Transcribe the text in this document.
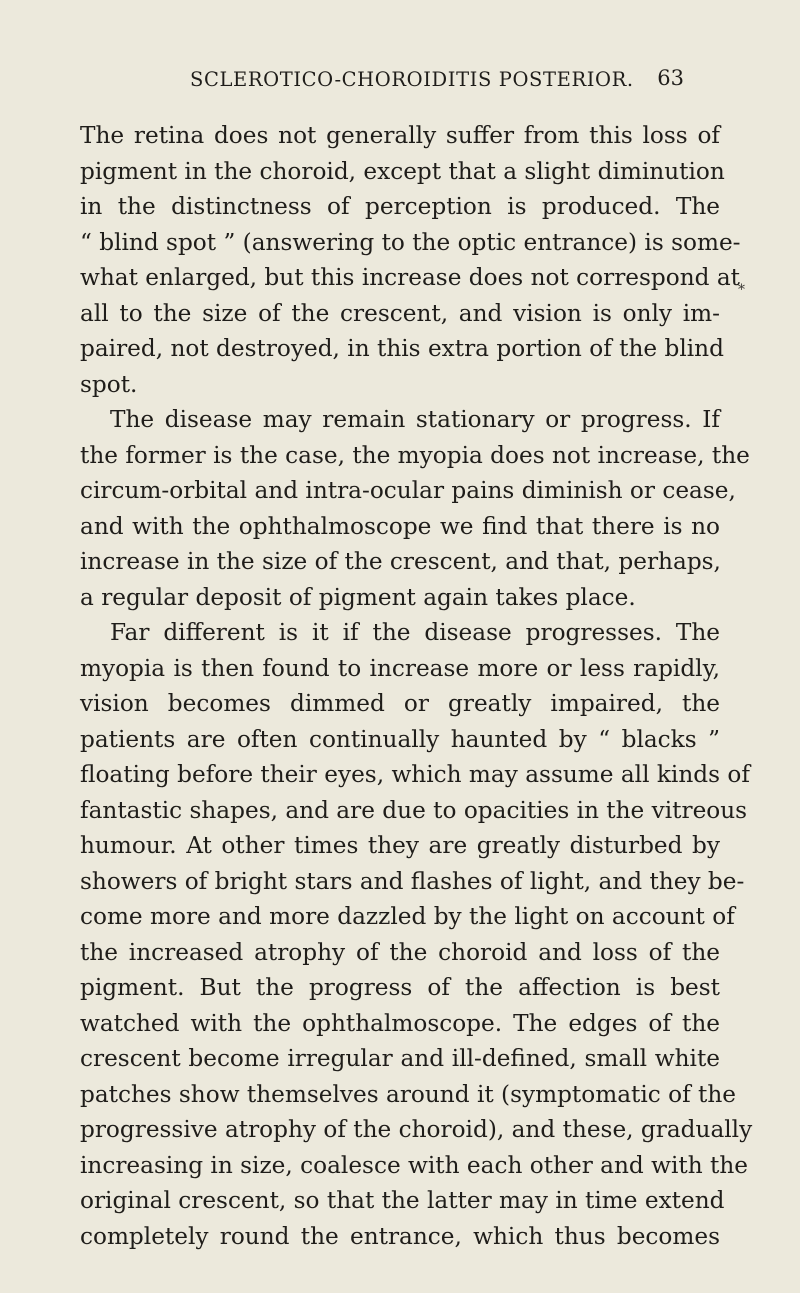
SCLEROTICO-CHOROIDITIS POSTERIOR. 63
*
The retina does not generally suffer from this loss of
pigment in the choroid, except that a slight diminution
in the distinctness of perception is produced. The
“ blind spot ” (answering to the optic entrance) is some-
what enlarged, but this increase does not correspond at
all to the size of the crescent, and vision is only im-
paired, not destroyed, in this extra portion of the blind
spot.
The disease may remain stationary or progress. If
the former is the case, the myopia does not increase, the
circum-orbital and intra-ocular pains diminish or cease,
and with the ophthalmoscope we find that there is no
increase in the size of the crescent, and that, perhaps,
a regular deposit of pigment again takes place.
Far different is it if the disease progresses. The
myopia is then found to increase more or less rapidly,
vision becomes dimmed or greatly impaired, the
patients are often continually haunted by “ blacks ”
floating before their eyes, which may assume all kinds of
fantastic shapes, and are due to opacities in the vitreous
humour. At other times they are greatly disturbed by
showers of bright stars and flashes of light, and they be-
come more and more dazzled by the light on account of
the increased atrophy of the choroid and loss of the
pigment. But the progress of the affection is best
watched with the ophthalmoscope. The edges of the
crescent become irregular and ill-defined, small white
patches show themselves around it (symptomatic of the
progressive atrophy of the choroid), and these, gradually
increasing in size, coalesce with each other and with the
original crescent, so that the latter may in time extend
completely round the entrance, which thus becomes
